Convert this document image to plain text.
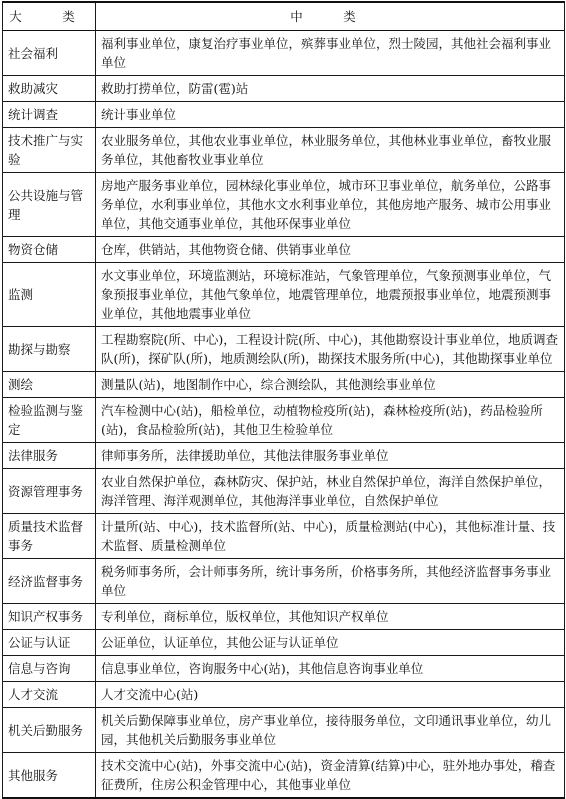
大　类	中　类
社会福利	福利事业单位，康复治疗事业单位，殡葬事业单位，烈士陵园，其他社会福利事业单位
救助减灾	救助打捞单位，防雷(雹)站
统计调查	统计事业单位
技术推广与实验	农业服务单位，其他农业事业单位，林业服务单位，其他林业事业单位，畜牧业服务单位，其他畜牧业事业单位
公共设施与管理	房地产服务事业单位，园林绿化事业单位，城市环卫事业单位，航务单位，公路事务单位，水利事业单位，其他水文水利事业单位，其他房地产服务、城市公用事业单位，其他交通事业单位，其他环保事业单位
物资仓储	仓库，供销站，其他物资仓储、供销事业单位
监测	水文事业单位，环境监测站，环境标准站，气象管理单位，气象预测事业单位，气象预报事业单位，其他气象单位，地震管理单位，地震预报事业单位，地震预测事业单位，其他地震事业单位
勘探与勘察	工程勘察院(所、中心)，工程设计院(所、中心)，其他勘察设计事业单位，地质调查队(所)，探矿队(所)，地质测绘队(所)，勘探技术服务所(中心)，其他勘探事业单位
测绘	测量队(站)，地图制作中心，综合测绘队，其他测绘事业单位
检验监测与鉴定	汽车检测中心(站)，船检单位，动植物检疫所(站)，森林检疫所(站)，药品检验所(站)，食品检验所(站)，其他卫生检验单位
法律服务	律师事务所，法律援助单位，其他法律服务事业单位
资源管理事务	农业自然保护单位，森林防灾、保护站，林业自然保护单位，海洋自然保护单位，海洋管理、海洋观测单位，其他海洋事业单位，自然保护单位
质量技术监督事务	计量所(站、中心)，技术监督所(站、中心)，质量检测站(中心)，其他标准计量、技术监督、质量检测单位
经济监督事务	税务师事务所，会计师事务所，统计事务所，价格事务所，其他经济监督事务事业单位
知识产权事务	专利单位，商标单位，版权单位，其他知识产权单位
公证与认证	公证单位，认证单位，其他公证与认证单位
信息与咨询	信息事业单位，咨询服务中心(站)，其他信息咨询事业单位
人才交流	人才交流中心(站)
机关后勤服务	机关后勤保障事业单位，房产事业单位，接待服务单位，文印通讯事业单位，幼儿园，其他机关后勤服务事业单位
其他服务	技术交流中心(站)，外事交流中心(站)，资金清算(结算)中心，驻外地办事处，稽查征费所，住房公积金管理中心，其他事业单位
